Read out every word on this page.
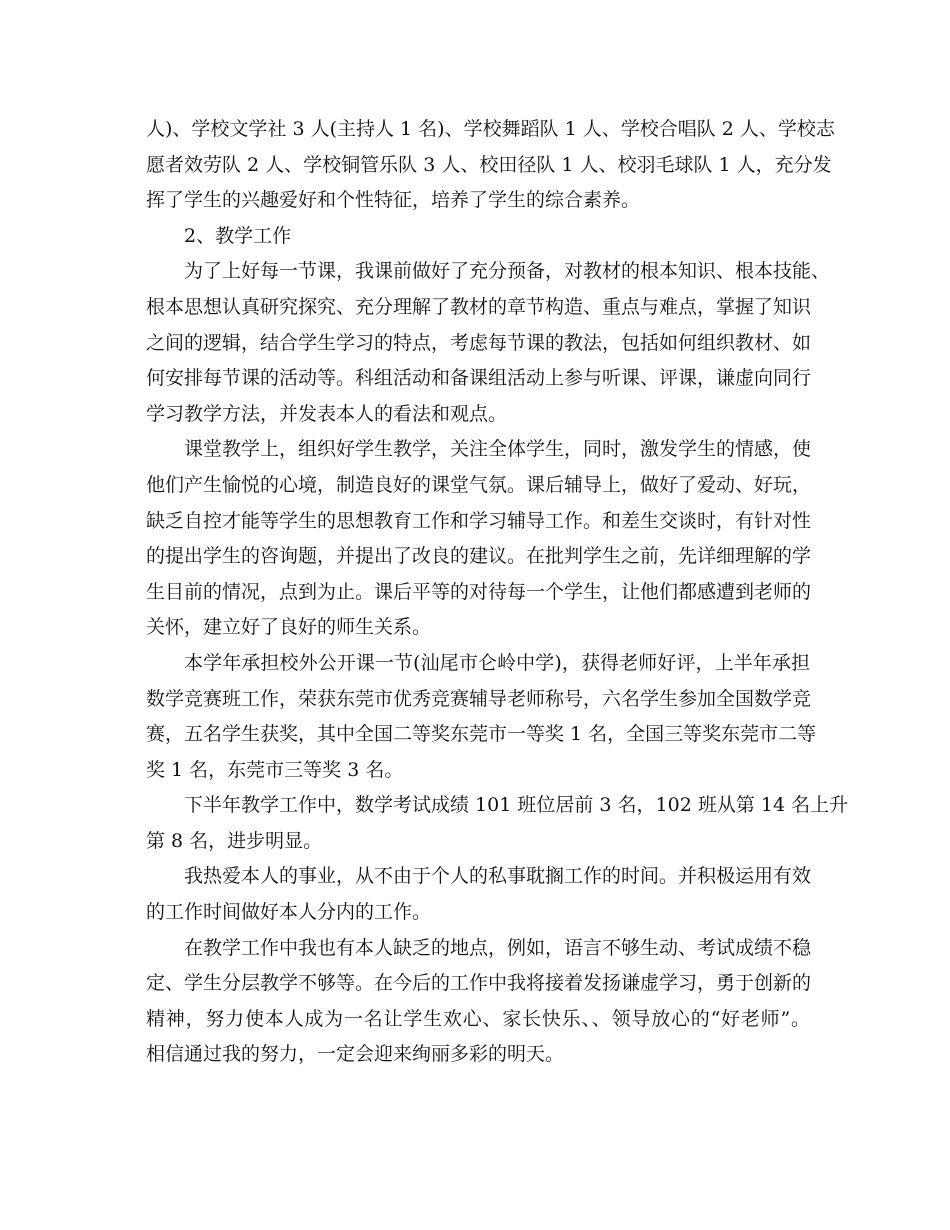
人)、学校文学社 3 人(主持人 1 名)、学校舞蹈队 1 人、学校合唱队 2 人、学校志
愿者效劳队 2 人、学校铜管乐队 3 人、校田径队 1 人、校羽毛球队 1 人，充分发
挥了学生的兴趣爱好和个性特征，培养了学生的综合素养。
2、教学工作
为了上好每一节课，我课前做好了充分预备，对教材的根本知识、根本技能、
根本思想认真研究探究、充分理解了教材的章节构造、重点与难点，掌握了知识
之间的逻辑，结合学生学习的特点，考虑每节课的教法，包括如何组织教材、如
何安排每节课的活动等。科组活动和备课组活动上参与听课、评课，谦虚向同行
学习教学方法，并发表本人的看法和观点。
课堂教学上，组织好学生教学，关注全体学生，同时，激发学生的情感，使
他们产生愉悦的心境，制造良好的课堂气氛。课后辅导上，做好了爱动、好玩，
缺乏自控才能等学生的思想教育工作和学习辅导工作。和差生交谈时，有针对性
的提出学生的咨询题，并提出了改良的建议。在批判学生之前，先详细理解的学
生目前的情况，点到为止。课后平等的对待每一个学生，让他们都感遭到老师的
关怀，建立好了良好的师生关系。
本学年承担校外公开课一节(汕尾市仑岭中学)，获得老师好评，上半年承担
数学竞赛班工作，荣获东莞市优秀竞赛辅导老师称号，六名学生参加全国数学竞
赛，五名学生获奖，其中全国二等奖东莞市一等奖 1 名，全国三等奖东莞市二等
奖 1 名，东莞市三等奖 3 名。
下半年教学工作中，数学考试成绩 101 班位居前 3 名，102 班从第 14 名上升
第 8 名，进步明显。
我热爱本人的事业，从不由于个人的私事耽搁工作的时间。并积极运用有效
的工作时间做好本人分内的工作。
在教学工作中我也有本人缺乏的地点，例如，语言不够生动、考试成绩不稳
定、学生分层教学不够等。在今后的工作中我将接着发扬谦虚学习，勇于创新的
精神，努力使本人成为一名让学生欢心、家长快乐、、领导放心的“好老师”。
相信通过我的努力，一定会迎来绚丽多彩的明天。
